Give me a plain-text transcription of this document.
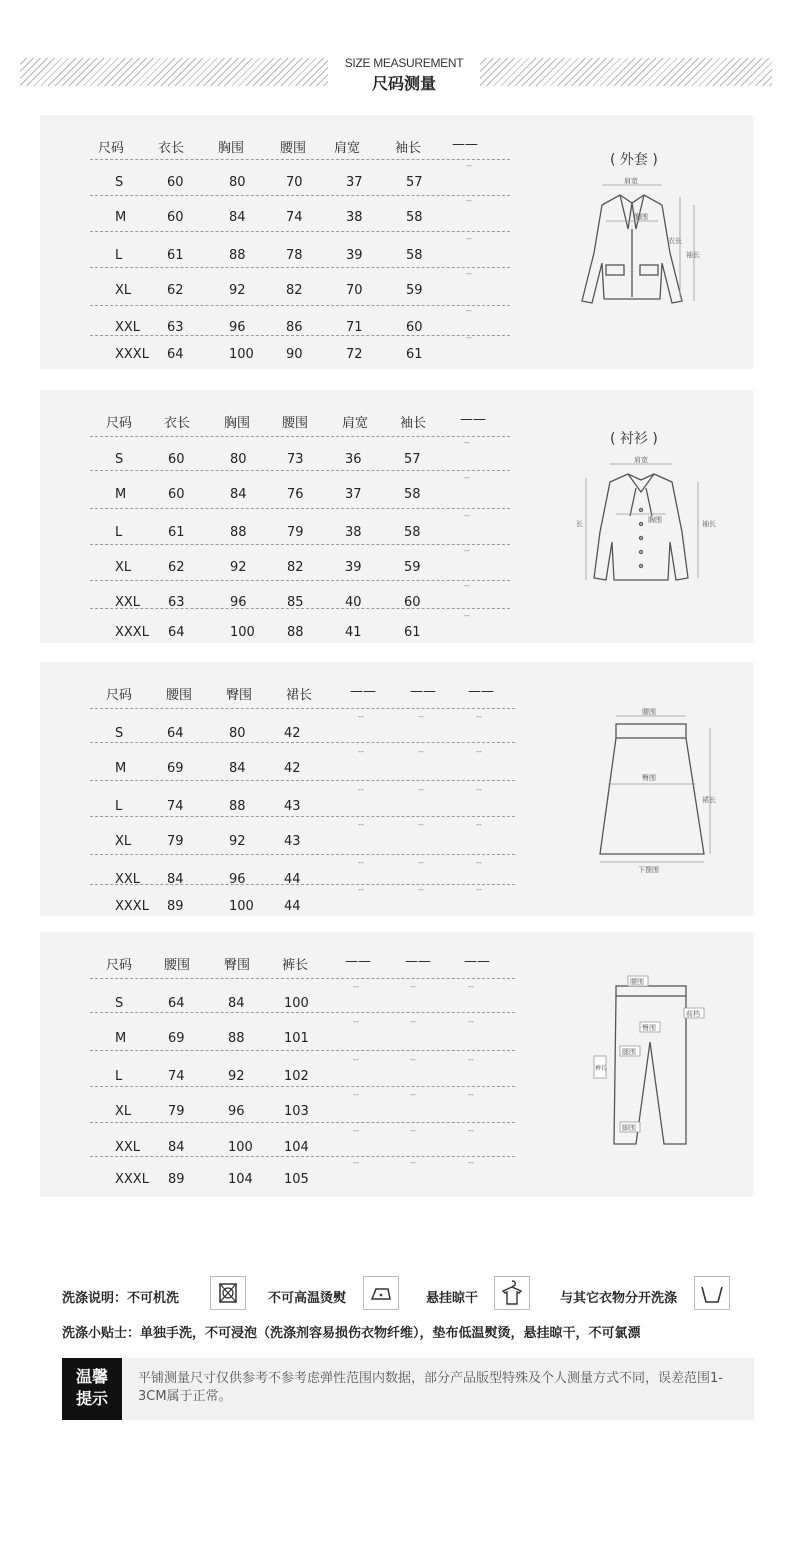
SIZE MEASUREMENT
尺码测量
( 外套 )
肩宽
胸围
衣长
袖长
尺码	衣长	胸围	腰围 肩宽	袖长 ——
S	60	80	70	37	57
--
M	60	84	74	38	58
--
L	61	88	78	39	58
--
XL	62	92	82	70	59
--
XXL 63	96	86	71	60
--
XXXL 64	100 90	72	61
--
( 衬衫 )
肩宽
胸围
长	袖长
尺码 衣长	胸围 腰围	肩宽 袖长	——
S	60	80	73	36	57
--
M	60	84	76	37	58
--
L	61	88	79	38	58
--
XL	62	92	82	39	59
--
XXL 63	96	85	40	60
--
XXXL 64	100 88	41	61
--
腰围
臀围
裙长
下摆围
尺码	腰围	臀围	裙长	——	—— ——
S	64	80	42
--	--	--
M	69	84	42
--	--	--
L	74	88	43
--	--	--
XL	79	92	43
--	--	--
XXL 84	96	44
--	--	--
XXXL 89	100 44
--	--	--
腰围
前档
臀围
腿围
裤长
脚围
尺码 腰围	臀围 裤长	——	——	——
S	64	84	100
--	--	--
M	69	88	101
--	--	--
L	74	92	102
--	--	--
XL	79	96	103
--	--	--
XXL 84	100 104
--	--	--
XXXL 89	104 105
--	--	--
洗涤说明：不可机洗	不可高温烫熨	悬挂晾干	与其它衣物分开洗涤
洗涤小贴士：单独手洗，不可浸泡（洗涤剂容易损伤衣物纤维），垫布低温熨烫，悬挂晾干，不可氯漂
温馨
提示
平铺测量尺寸仅供参考不参考虑弹性范围内数据，部分产品版型特殊及个人测量方式不同，误差范围1-3CM属于正常。
